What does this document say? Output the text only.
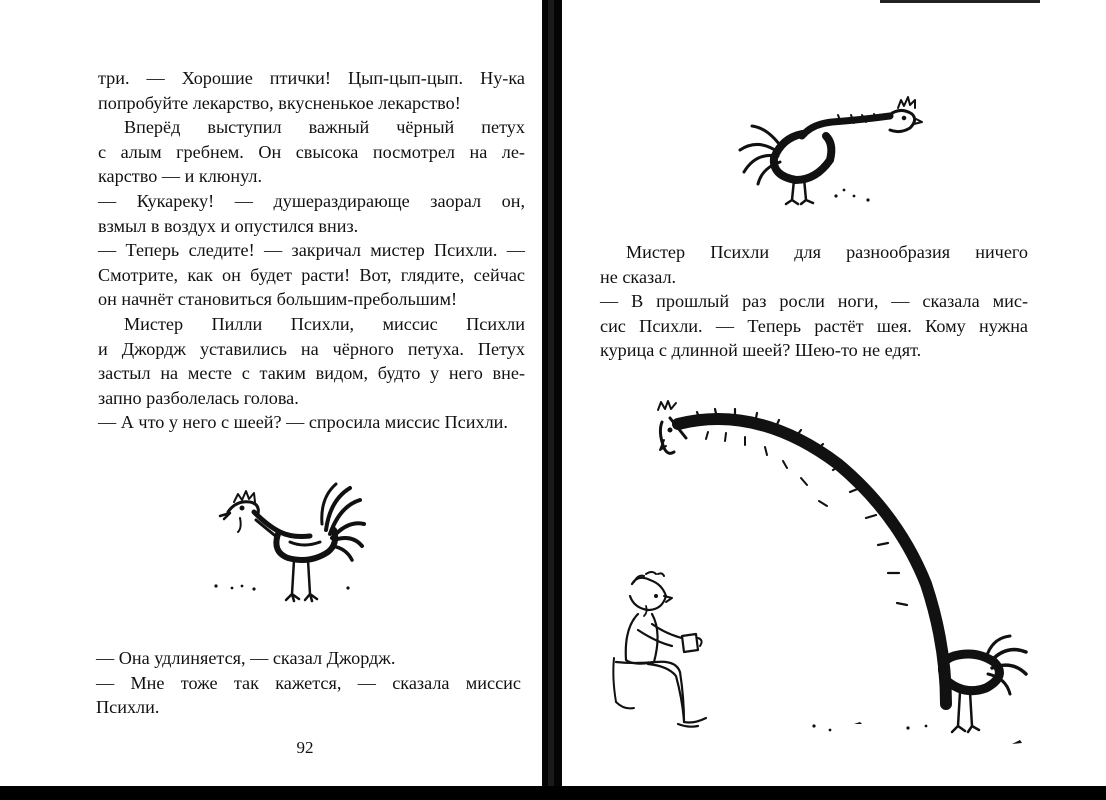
три. — Хорошие птички! Цып-цып-цып. Ну-ка

попробуйте лекарство, вкусненькое лекарство!

Вперёд выступил важный чёрный петух

с алым гребнем. Он свысока посмотрел на ле-

карство — и клюнул.

— Кукареку! — душераздирающе заорал он,

взмыл в воздух и опустился вниз.

— Теперь следите! — закричал мистер Психли. —

Смотрите, как он будет расти! Вот, глядите, сейчас

он начнёт становиться большим-пребольшим!

Мистер Пилли Психли, миссис Психли

и Джордж уставились на чёрного петуха. Петух

застыл на месте с таким видом, будто у него вне-

запно разболелась голова.

— А что у него с шеей? — спросила миссис Психли.

— Она удлиняется, — сказал Джордж.

— Мне тоже так кажется, — сказала миссис

Психли.

92

Мистер Психли для разнообразия ничего

не сказал.

— В прошлый раз росли ноги, — сказала мис-

сис Психли. — Теперь растёт шея. Кому нужна

курица с длинной шеей? Шею-то не едят.
